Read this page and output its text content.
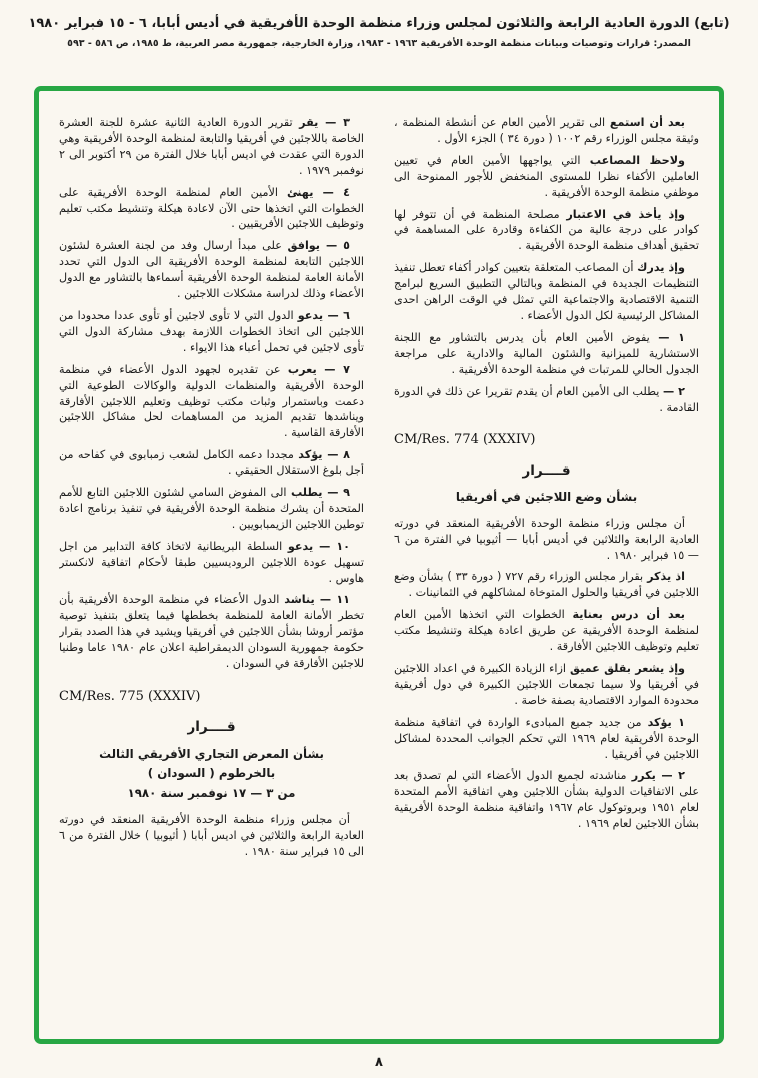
(تابع) الدورة العادية الرابعة والثلاثون لمجلس وزراء منظمة الوحدة الأفريقية في أديس أبابا، ٦ - ١٥ فبراير ١٩٨٠
المصدر: قرارات وتوصيات وبيانات منظمة الوحدة الأفريقية ١٩٦٣ - ١٩٨٣، وزارة الخارجية، جمهورية مصر العربية، ط ١٩٨٥، ص ٥٨٦ - ٥٩٣

بعد أن استمع الى تقرير الأمين العام عن أنشطة المنظمة ، وثيقة مجلس الوزراء رقم ١٠٠٢ ( دورة ٣٤ ) الجزء الأول .

ولاحظ المصاعب التي يواجهها الأمين العام في تعيين العاملين الأكفاء نظرا للمستوى المنخفض للأجور الممنوحة الى موظفي منظمة الوحدة الأفريقية .

وإذ يأخذ في الاعتبار مصلحة المنظمة في أن تتوفر لها كوادر على درجة عالية من الكفاءة وقادرة على المساهمة في تحقيق أهداف منظمة الوحدة الأفريقية .

وإذ يدرك أن المصاعب المتعلقة بتعيين كوادر أكفاء تعطل تنفيذ التنظيمات الجديدة في المنظمة وبالتالي التطبيق السريع لبرامج التنمية الاقتصادية والاجتماعية التي تمثل في الوقت الراهن احدى المشاكل الرئيسية لكل الدول الأعضاء .

١ — يفوض الأمين العام بأن يدرس بالتشاور مع اللجنة الاستشارية للميزانية والشئون المالية والادارية على مراجعة الجدول الحالي للمرتبات في منظمة الوحدة الأفريقية .

٢ — يطلب الى الأمين العام أن يقدم تقريرا عن ذلك في الدورة القادمة .

CM/Res. 774 (XXXIV)
قــــرار
بشأن وضع اللاجئين في أفريقيا

أن مجلس وزراء منظمة الوحدة الأفريقية المنعقد في دورته العادية الرابعة والثلاثين في أديس أبابا — أثيوبيا في الفترة من ٦ — ١٥ فبراير ١٩٨٠ .

اذ يذكر بقرار مجلس الوزراء رقم ٧٢٧ ( دورة ٣٣ ) بشأن وضع اللاجئين في أفريقيا والحلول المتوخاة لمشاكلهم في الثمانينات .

بعد أن درس بعناية الخطوات التي اتخذها الأمين العام لمنظمة الوحدة الأفريقية عن طريق اعادة هيكلة وتنشيط مكتب تعليم وتوظيف اللاجئين الأفارقة .

وإذ يشعر بقلق عميق ازاء الزيادة الكبيرة في اعداد اللاجئين في أفريقيا ولا سيما تجمعات اللاجئين الكبيرة في دول أفريقية محدودة الموارد الاقتصادية بصفة خاصة .

١ يؤكد من جديد جميع المبادىء الواردة في اتفاقية منظمة الوحدة الأفريقية لعام ١٩٦٩ التي تحكم الجوانب المحددة لمشاكل اللاجئين في أفريقيا .

٢ — يكرر مناشدته لجميع الدول الأعضاء التي لم تصدق بعد على الاتفاقيات الدولية بشأن اللاجئين وهي اتفاقية الأمم المتحدة لعام ١٩٥١ وبروتوكول عام ١٩٦٧ واتفاقية منظمة الوحدة الأفريقية بشأن اللاجئين لعام ١٩٦٩ .

٣ — يقر تقرير الدورة العادية الثانية عشرة للجنة العشرة الخاصة باللاجئين في أفريقيا والتابعة لمنظمة الوحدة الأفريقية وهي الدورة التي عقدت في اديس أبابا خلال الفترة من ٢٩ أكتوبر الى ٢ نوفمبر ١٩٧٩ .

٤ — يهنئ الأمين العام لمنظمة الوحدة الأفريقية على الخطوات التي اتخذها حتى الآن لاعادة هيكلة وتنشيط مكتب تعليم وتوظيف اللاجئين الأفريقيين .

٥ — يوافق على مبدأ ارسال وفد من لجنة العشرة لشئون اللاجئين التابعة لمنظمة الوحدة الأفريقية الى الدول التي تحدد الأمانة العامة لمنظمة الوحدة الأفريقية أسماءها بالتشاور مع الدول الأعضاء وذلك لدراسة مشكلات اللاجئين .

٦ — يدعو الدول التي لا تأوى لاجئين أو تأوى عددا محدودا من اللاجئين الى اتخاذ الخطوات اللازمة بهدف مشاركة الدول التي تأوى لاجئين في تحمل أعباء هذا الايواء .

٧ — يعرب عن تقديره لجهود الدول الأعضاء في منظمة الوحدة الأفريقية والمنظمات الدولية والوكالات الطوعية التي دعمت وباستمرار وثبات مكتب توظيف وتعليم اللاجئين الأفارقة ويناشدها تقديم المزيد من المساهمات لحل مشاكل اللاجئين الأفارقة القاسية .

٨ — يؤكد مجددا دعمه الكامل لشعب زمبابوى في كفاحه من أجل بلوغ الاستقلال الحقيقي .

٩ — يطلب الى المفوض السامي لشئون اللاجئين التابع للأمم المتحدة أن يشرك منظمة الوحدة الأفريقية في تنفيذ برنامج اعادة توطين اللاجئين الزيمبابويين .

١٠ — يدعو السلطة البريطانية لاتخاذ كافة التدابير من اجل تسهيل عودة اللاجئين الروديسيين طبقا لأحكام اتفاقية لانكستر هاوس .

١١ — يناشد الدول الأعضاء في منظمة الوحدة الأفريقية بأن تخطر الأمانة العامة للمنظمة بخططها فيما يتعلق بتنفيذ توصية مؤتمر أروشا بشأن اللاجئين في أفريقيا ويشيد في هذا الصدد بقرار حكومة جمهورية السودان الديمقراطية اعلان عام ١٩٨٠ عاما وطنيا للاجئين الأفارقة في السودان .

CM/Res. 775 (XXXIV)
قــــرار
بشأن المعرض التجاري الأفريقي الثالث
بالخرطوم ( السودان )
من ٣ — ١٧ نوفمبر سنة ١٩٨٠

أن مجلس وزراء منظمة الوحدة الأفريقية المنعقد في دورته العادية الرابعة والثلاثين في اديس أبابا ( أثيوبيا ) خلال الفترة من ٦ الى ١٥ فبراير سنة ١٩٨٠ .

٨
